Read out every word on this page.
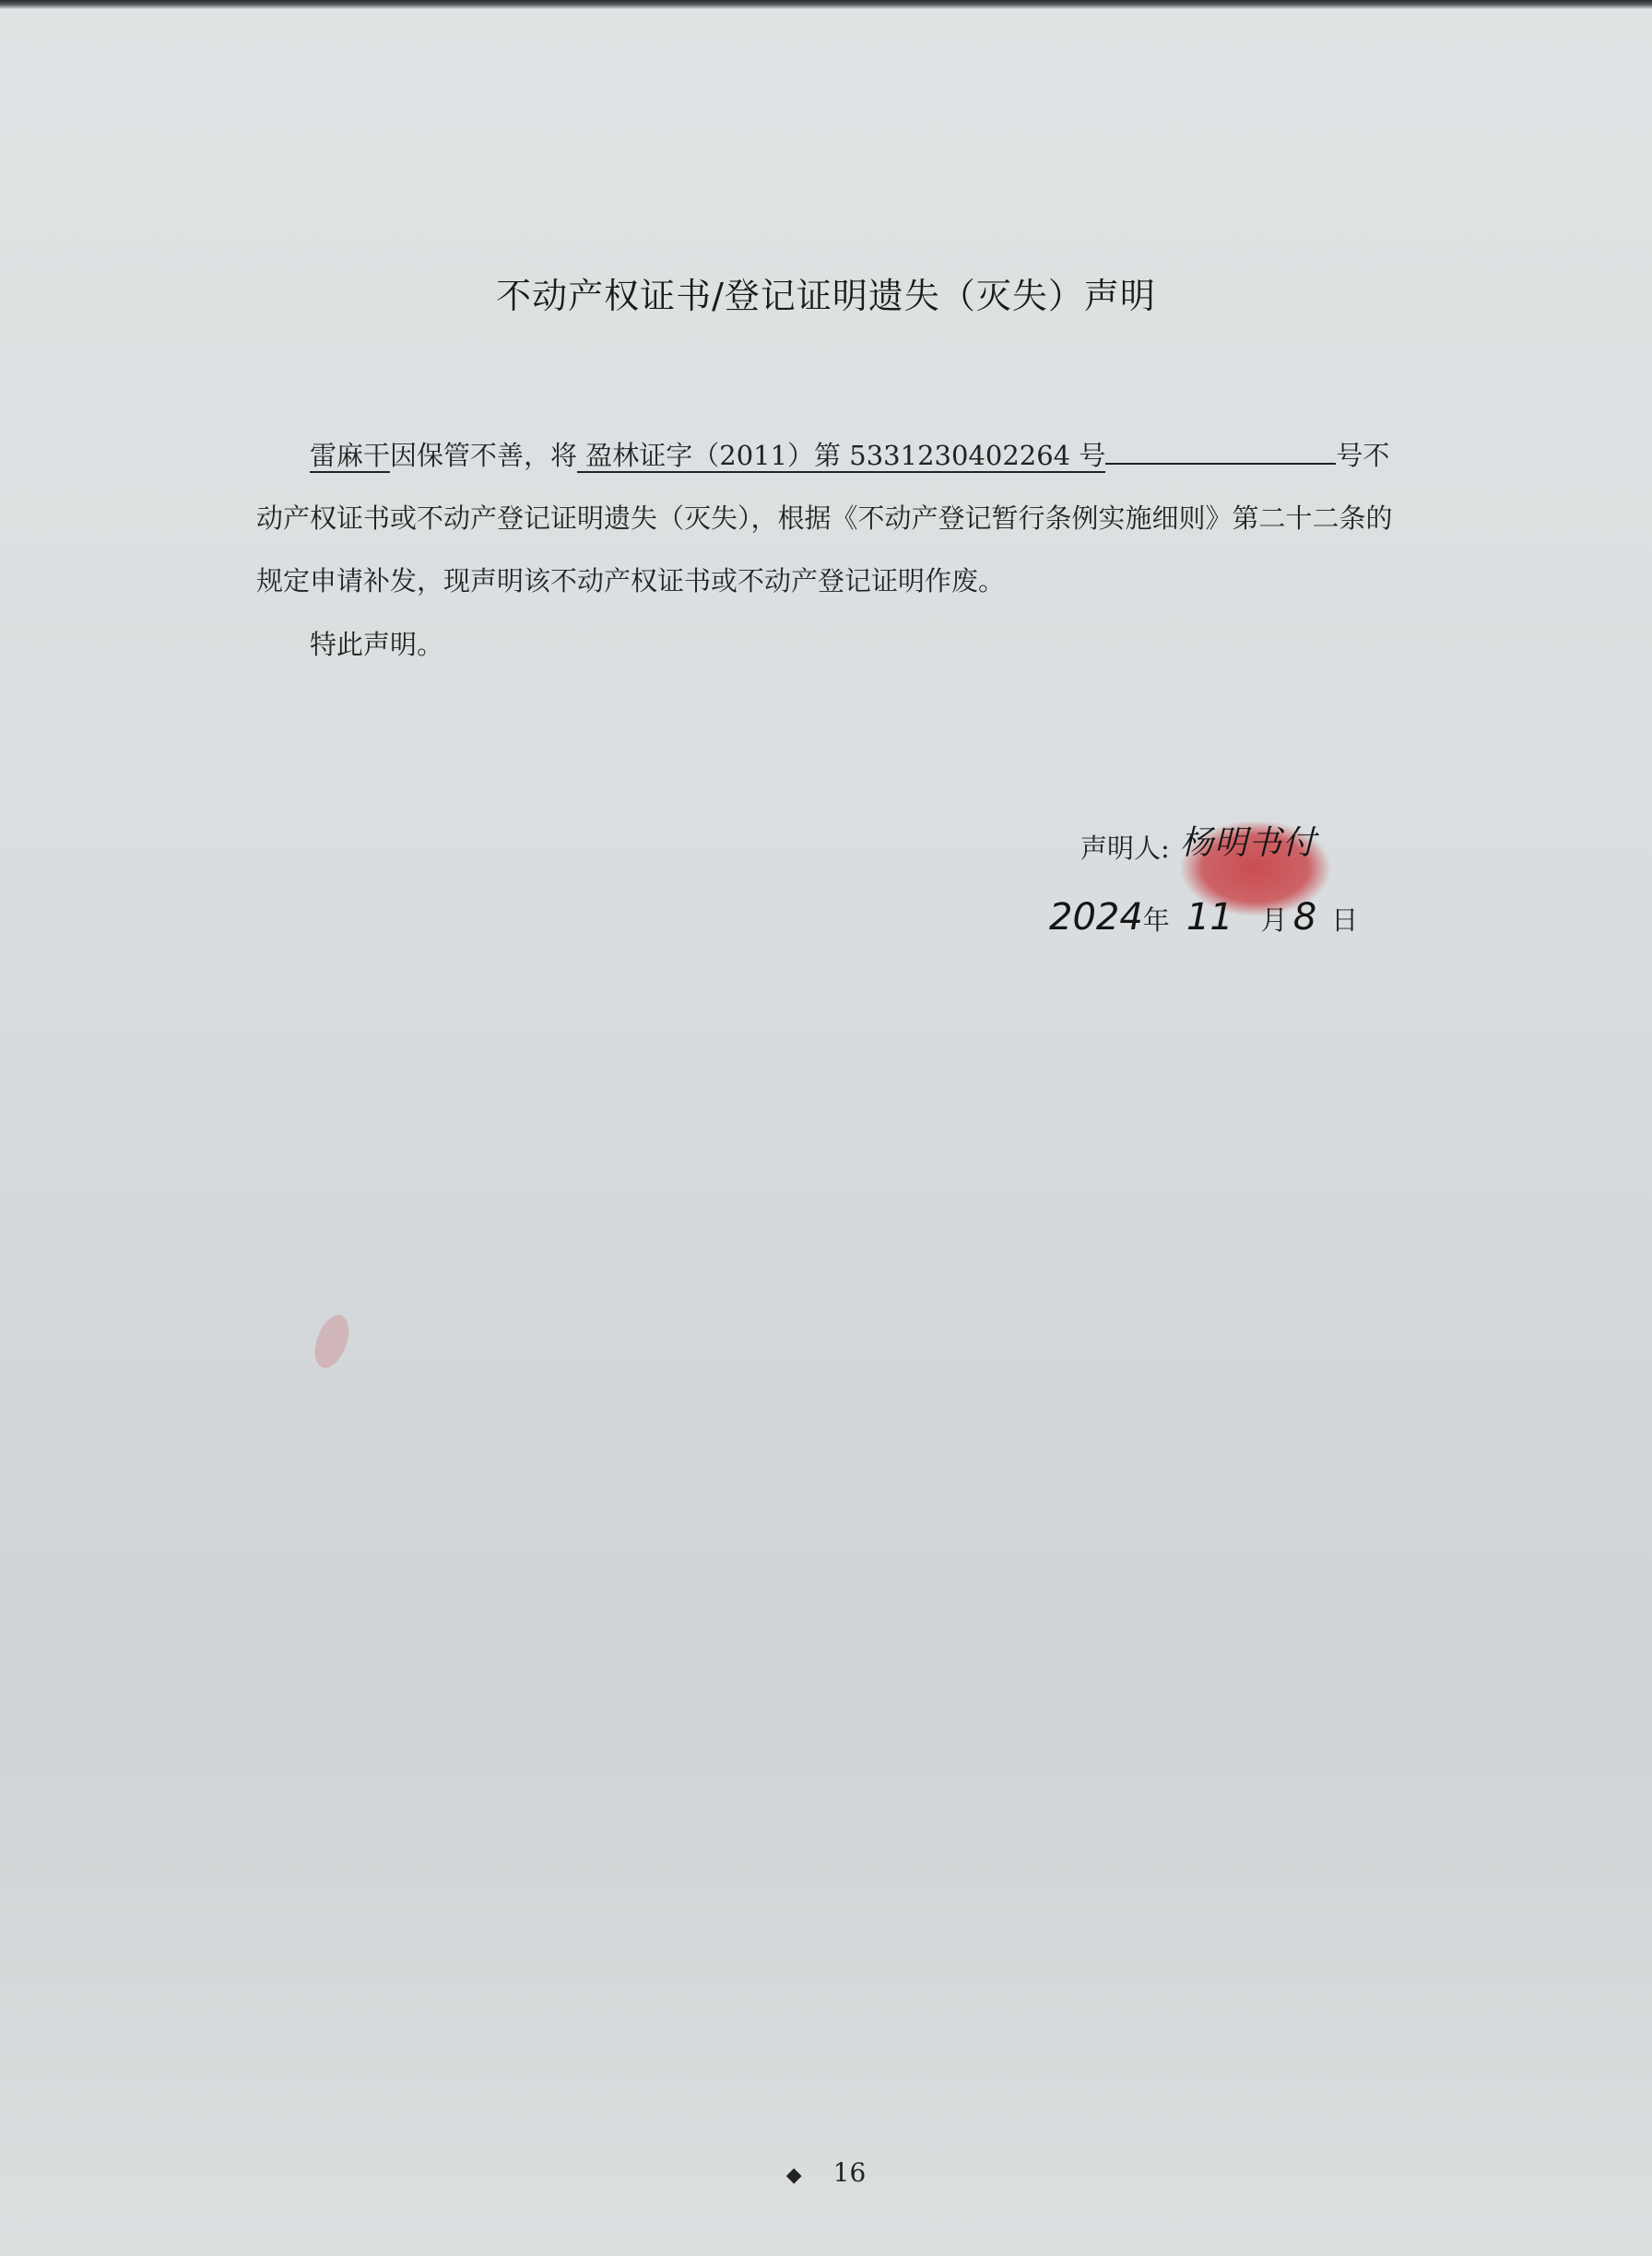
不动产权证书/登记证明遗失（灭失）声明
雷麻干因保管不善，将 盈林证字（2011）第 5331230402264 号	号不动产权证书或不动产登记证明遗失（灭失），根据《不动产登记暂行条例实施细则》第二十二条的规定申请补发，现声明该不动产权证书或不动产登记证明作废。
特此声明。
声明人: 杨明书付
2024年 11 月 8 日
◆ 16
